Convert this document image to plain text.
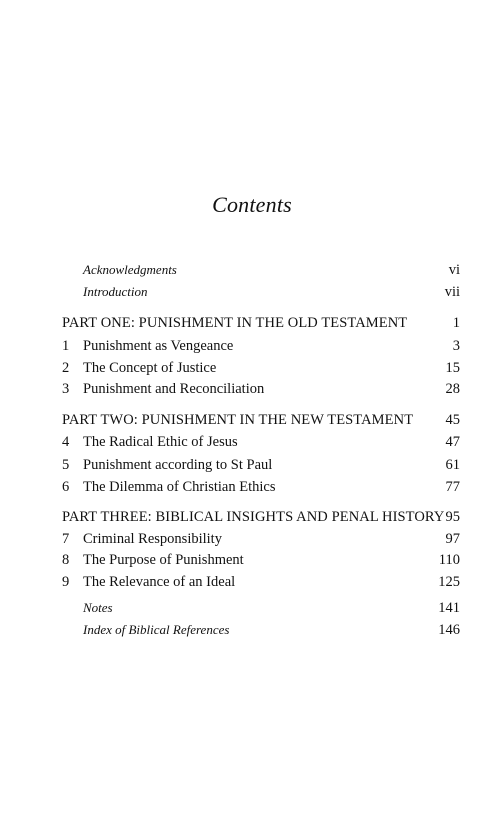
Contents
Acknowledgments	vi
Introduction	vii
PART ONE: PUNISHMENT IN THE OLD TESTAMENT	1
1 Punishment as Vengeance	3
2 The Concept of Justice	15
3 Punishment and Reconciliation	28
PART TWO: PUNISHMENT IN THE NEW TESTAMENT 45
4 The Radical Ethic of Jesus	47
5 Punishment according to St Paul	61
6 The Dilemma of Christian Ethics	77
PART THREE: BIBLICAL INSIGHTS AND PENAL HISTORY 95
7 Criminal Responsibility	97
8 The Purpose of Punishment	110
9 The Relevance of an Ideal	125
Notes	141
Index of Biblical References	146
